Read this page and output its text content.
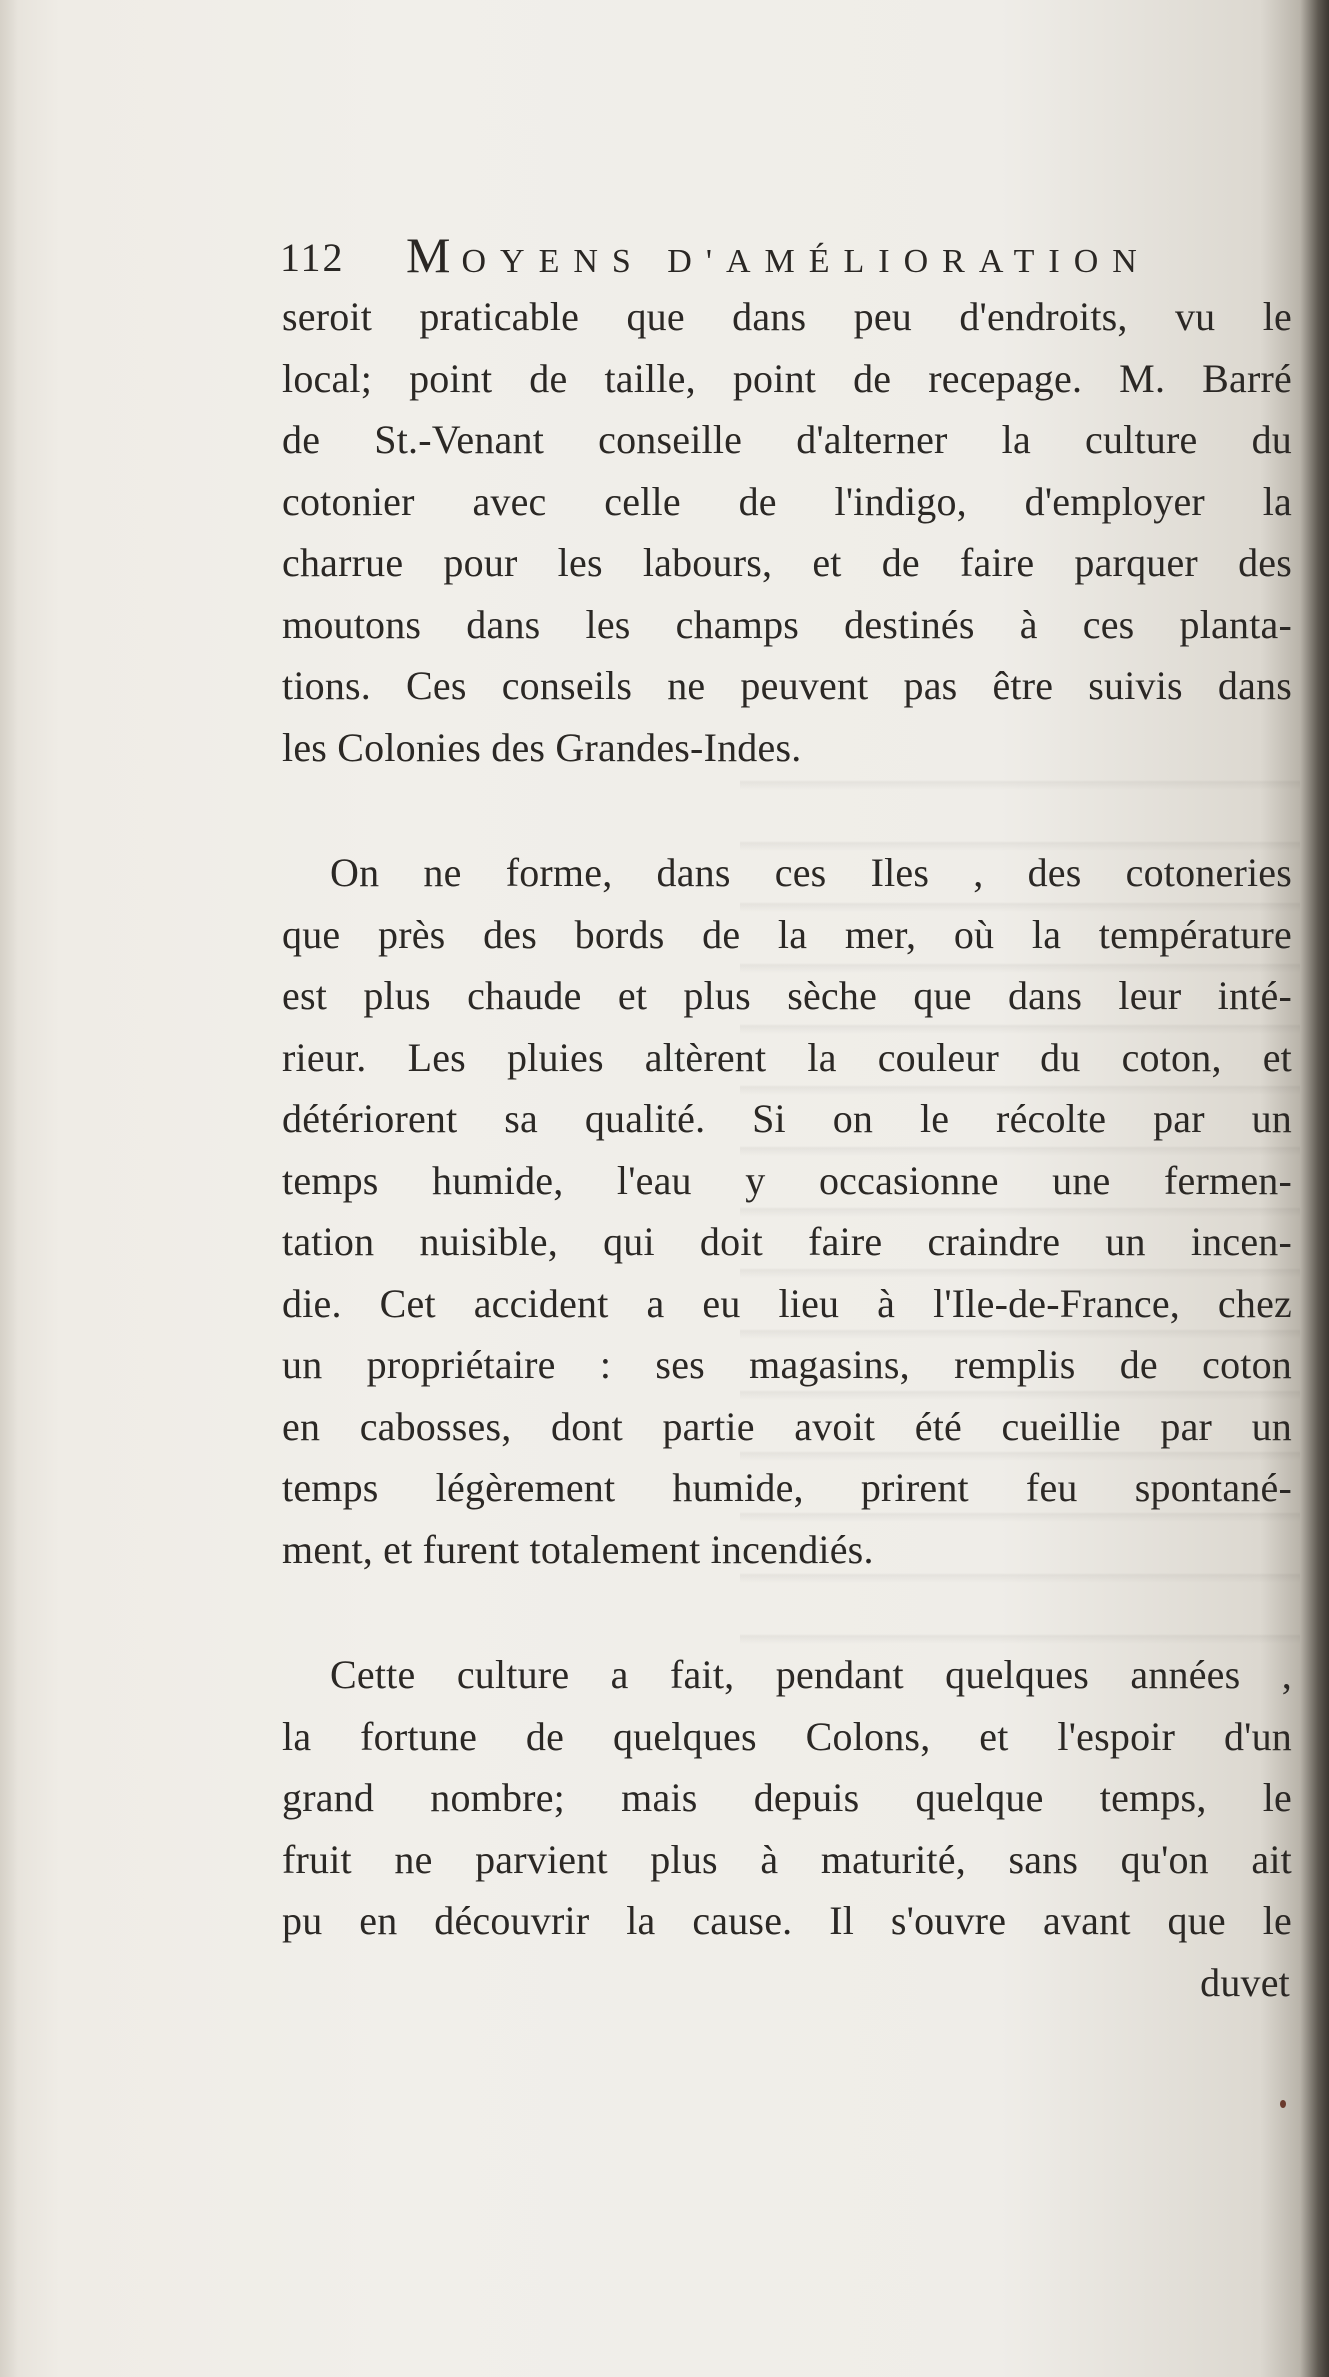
112 MOYENS D'AMÉLIORATION
seroit praticable que dans peu d'endroits, vu le
local; point de taille, point de recepage. M. Barré
de St.-Venant conseille d'alterner la culture du
cotonier avec celle de l'indigo, d'employer la
charrue pour les labours, et de faire parquer des
moutons dans les champs destinés à ces planta-
tions. Ces conseils ne peuvent pas être suivis dans
les Colonies des Grandes-Indes.
On ne forme, dans ces Iles , des cotoneries
que près des bords de la mer, où la température
est plus chaude et plus sèche que dans leur inté-
rieur. Les pluies altèrent la couleur du coton, et
détériorent sa qualité. Si on le récolte par un
temps humide, l'eau y occasionne une fermen-
tation nuisible, qui doit faire craindre un incen-
die. Cet accident a eu lieu à l'Ile-de-France, chez
un propriétaire : ses magasins, remplis de coton
en cabosses, dont partie avoit été cueillie par un
temps légèrement humide, prirent feu spontané-
ment, et furent totalement incendiés.
Cette culture a fait, pendant quelques années ,
la fortune de quelques Colons, et l'espoir d'un
grand nombre; mais depuis quelque temps, le
fruit ne parvient plus à maturité, sans qu'on ait
pu en découvrir la cause. Il s'ouvre avant que le
duvet
